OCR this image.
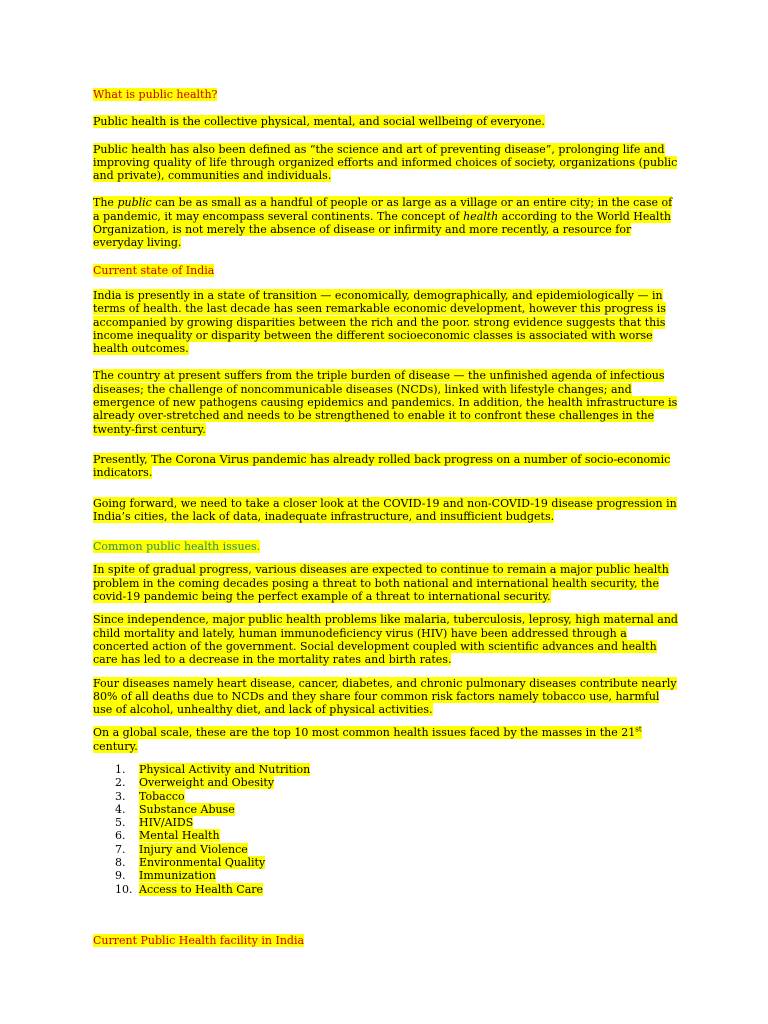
What is public health?

Public health is the collective physical, mental, and social wellbeing of everyone.

Public health has also been defined as “the science and art of preventing disease”, prolonging life and improving quality of life through organized efforts and informed choices of society, organizations (public and private), communities and individuals.

The public can be as small as a handful of people or as large as a village or an entire city; in the case of a pandemic, it may encompass several continents. The concept of health according to the World Health Organization, is not merely the absence of disease or infirmity and more recently, a resource for everyday living.

Current state of India

India is presently in a state of transition — economically, demographically, and epidemiologically — in terms of health. the last decade has seen remarkable economic development, however this progress is accompanied by growing disparities between the rich and the poor. strong evidence suggests that this income inequality or disparity between the different socioeconomic classes is associated with worse health outcomes.

The country at present suffers from the triple burden of disease — the unfinished agenda of infectious diseases; the challenge of noncommunicable diseases (NCDs), linked with lifestyle changes; and emergence of new pathogens causing epidemics and pandemics. In addition, the health infrastructure is already over-stretched and needs to be strengthened to enable it to confront these challenges in the twenty-first century.

Presently, The Corona Virus pandemic has already rolled back progress on a number of socio-economic indicators.

Going forward, we need to take a closer look at the COVID-19 and non-COVID-19 disease progression in India’s cities, the lack of data, inadequate infrastructure, and insufficient budgets.

Common public health issues.

In spite of gradual progress, various diseases are expected to continue to remain a major public health problem in the coming decades posing a threat to both national and international health security, the covid-19 pandemic being the perfect example of a threat to international security.

Since independence, major public health problems like malaria, tuberculosis, leprosy, high maternal and child mortality and lately, human immunodeficiency virus (HIV) have been addressed through a concerted action of the government. Social development coupled with scientific advances and health care has led to a decrease in the mortality rates and birth rates.

Four diseases namely heart disease, cancer, diabetes, and chronic pulmonary diseases contribute nearly 80% of all deaths due to NCDs and they share four common risk factors namely tobacco use, harmful use of alcohol, unhealthy diet, and lack of physical activities.

On a global scale, these are the top 10 most common health issues faced by the masses in the 21st century.

1. Physical Activity and Nutrition
2. Overweight and Obesity
3. Tobacco
4. Substance Abuse
5. HIV/AIDS
6. Mental Health
7. Injury and Violence
8. Environmental Quality
9. Immunization
10. Access to Health Care

Current Public Health facility in India
